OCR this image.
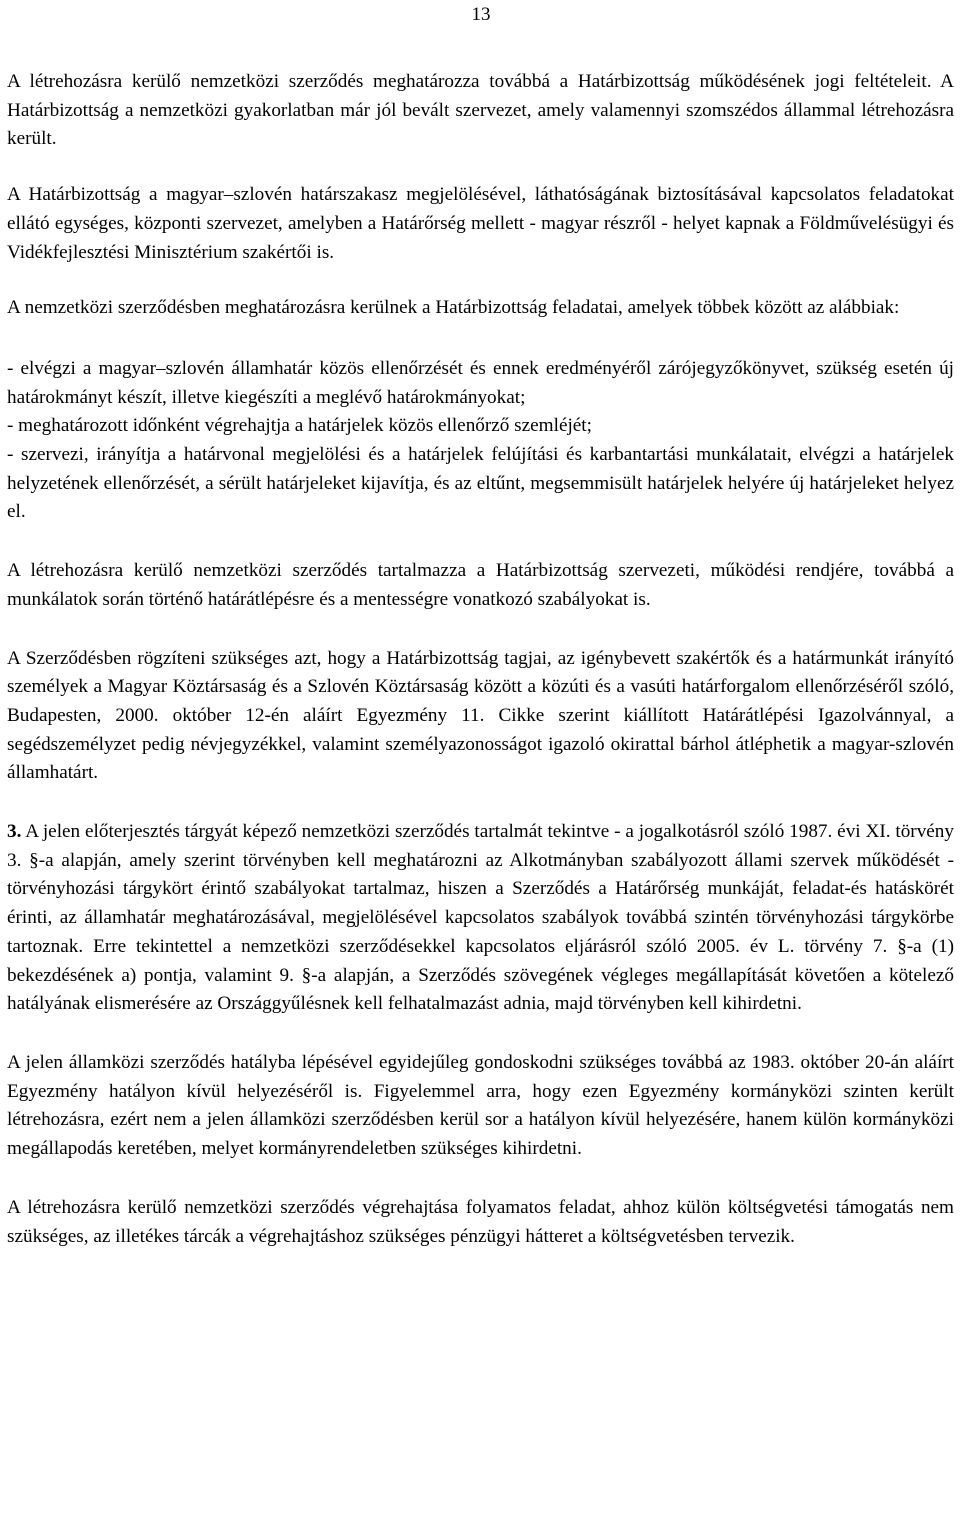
13

A létrehozásra kerülő nemzetközi szerződés meghatározza továbbá a Határbizottság működésének jogi feltételeit. A Határbizottság a nemzetközi gyakorlatban már jól bevált szervezet, amely valamennyi szomszédos állammal létrehozásra került.

A Határbizottság a magyar–szlovén határszakasz megjelölésével, láthatóságának biztosításával kapcsolatos feladatokat ellátó egységes, központi szervezet, amelyben a Határőrség mellett - magyar részről - helyet kapnak a Földművelésügyi és Vidékfejlesztési Minisztérium szakértői is.

A nemzetközi szerződésben meghatározásra kerülnek a Határbizottság feladatai, amelyek többek között az alábbiak:

- elvégzi a magyar–szlovén államhatár közös ellenőrzését és ennek eredményéről zárójegyzőkönyvet, szükség esetén új határokmányt készít, illetve kiegészíti a meglévő határokmányokat;

- meghatározott időnként végrehajtja a határjelek közös ellenőrző szemléjét;

- szervezi, irányítja a határvonal megjelölési és a határjelek felújítási és karbantartási munkálatait, elvégzi a határjelek helyzetének ellenőrzését, a sérült határjeleket kijavítja, és az eltűnt, megsemmisült határjelek helyére új határjeleket helyez el.

A létrehozásra kerülő nemzetközi szerződés tartalmazza a Határbizottság szervezeti, működési rendjére, továbbá a munkálatok során történő határátlépésre és a mentességre vonatkozó szabályokat is.

A Szerződésben rögzíteni szükséges azt, hogy a Határbizottság tagjai, az igénybevett szakértők és a határmunkát irányító személyek a Magyar Köztársaság és a Szlovén Köztársaság között a közúti és a vasúti határforgalom ellenőrzéséről szóló, Budapesten, 2000. október 12-én aláírt Egyezmény 11. Cikke szerint kiállított Határátlépési Igazolvánnyal, a segédszemélyzet pedig névjegyzékkel, valamint személyazonosságot igazoló okirattal bárhol átléphetik a magyar-szlovén államhatárt.

3. A jelen előterjesztés tárgyát képező nemzetközi szerződés tartalmát tekintve - a jogalkotásról szóló 1987. évi XI. törvény 3. §-a alapján, amely szerint törvényben kell meghatározni az Alkotmányban szabályozott állami szervek működését - törvényhozási tárgykört érintő szabályokat tartalmaz, hiszen a Szerződés a Határőrség munkáját, feladat-és hatáskörét érinti, az államhatár meghatározásával, megjelölésével kapcsolatos szabályok továbbá szintén törvényhozási tárgykörbe tartoznak. Erre tekintettel a nemzetközi szerződésekkel kapcsolatos eljárásról szóló 2005. év L. törvény 7. §-a (1) bekezdésének a) pontja, valamint 9. §-a alapján, a Szerződés szövegének végleges megállapítását követően a kötelező hatályának elismerésére az Országgyűlésnek kell felhatalmazást adnia, majd törvényben kell kihirdetni.

A jelen államközi szerződés hatályba lépésével egyidejűleg gondoskodni szükséges továbbá az 1983. október 20-án aláírt Egyezmény hatályon kívül helyezéséről is. Figyelemmel arra, hogy ezen Egyezmény kormányközi szinten került létrehozásra, ezért nem a jelen államközi szerződésben kerül sor a hatályon kívül helyezésére, hanem külön kormányközi megállapodás keretében, melyet kormányrendeletben szükséges kihirdetni.

A létrehozásra kerülő nemzetközi szerződés végrehajtása folyamatos feladat, ahhoz külön költségvetési támogatás nem szükséges, az illetékes tárcák a végrehajtáshoz szükséges pénzügyi hátteret a költségvetésben tervezik.
